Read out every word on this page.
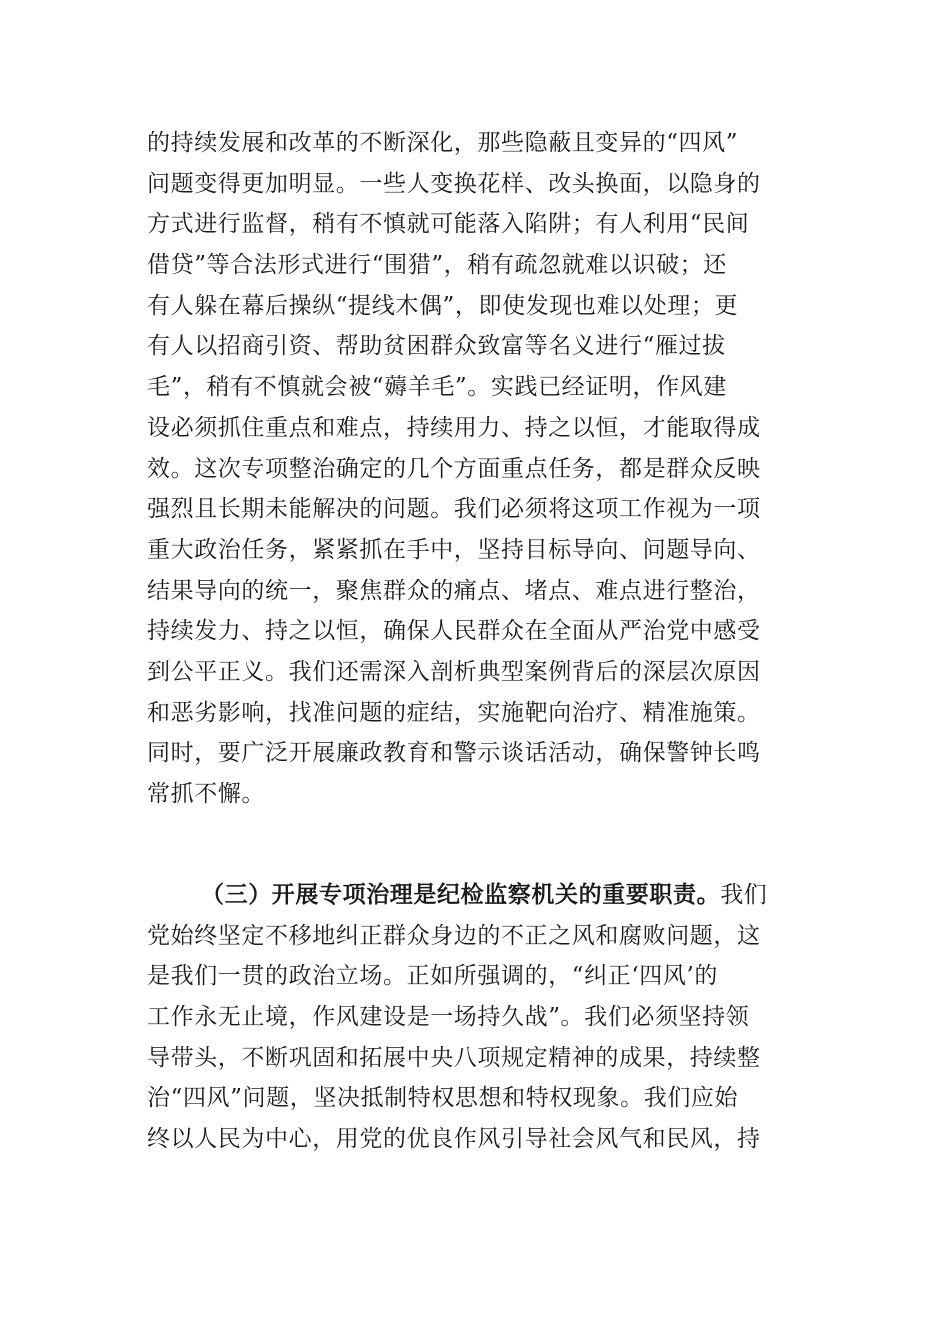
的持续发展和改革的不断深化，那些隐蔽且变异的“四风”
问题变得更加明显。一些人变换花样、改头换面，以隐身的
方式进行监督，稍有不慎就可能落入陷阱；有人利用“民间
借贷”等合法形式进行“围猎”，稍有疏忽就难以识破；还
有人躲在幕后操纵“提线木偶”，即使发现也难以处理；更
有人以招商引资、帮助贫困群众致富等名义进行“雁过拔
毛”，稍有不慎就会被“薅羊毛”。实践已经证明，作风建
设必须抓住重点和难点，持续用力、持之以恒，才能取得成
效。这次专项整治确定的几个方面重点任务，都是群众反映
强烈且长期未能解决的问题。我们必须将这项工作视为一项
重大政治任务，紧紧抓在手中，坚持目标导向、问题导向、
结果导向的统一，聚焦群众的痛点、堵点、难点进行整治，
持续发力、持之以恒，确保人民群众在全面从严治党中感受
到公平正义。我们还需深入剖析典型案例背后的深层次原因
和恶劣影响，找准问题的症结，实施靶向治疗、精准施策。
同时，要广泛开展廉政教育和警示谈话活动，确保警钟长鸣
常抓不懈。
（三）开展专项治理是纪检监察机关的重要职责。我们
党始终坚定不移地纠正群众身边的不正之风和腐败问题，这
是我们一贯的政治立场。正如所强调的，“纠正‘四风’的
工作永无止境，作风建设是一场持久战”。我们必须坚持领
导带头，不断巩固和拓展中央八项规定精神的成果，持续整
治“四风”问题，坚决抵制特权思想和特权现象。我们应始
终以人民为中心，用党的优良作风引导社会风气和民风，持
